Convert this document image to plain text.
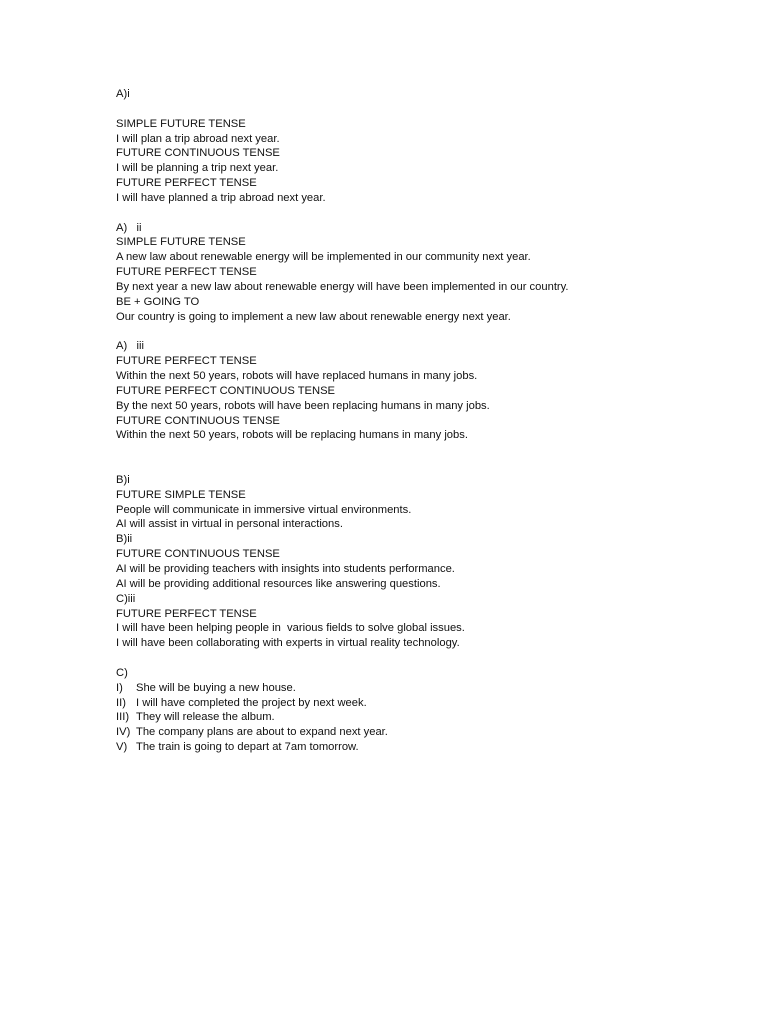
A)i
SIMPLE FUTURE TENSE
I will plan a trip abroad next year.
FUTURE CONTINUOUS TENSE
I will be planning a trip next year.
FUTURE PERFECT TENSE
I will have planned a trip abroad next year.
A)   ii
SIMPLE FUTURE TENSE
A new law about renewable energy will be implemented in our community next year.
FUTURE PERFECT TENSE
By next year a new law about renewable energy will have been implemented in our country.
BE + GOING TO
Our country is going to implement a new law about renewable energy next year.
A)   iii
FUTURE PERFECT TENSE
Within the next 50 years, robots will have replaced humans in many jobs.
FUTURE PERFECT CONTINUOUS TENSE
By the next 50 years, robots will have been replacing humans in many jobs.
FUTURE CONTINUOUS TENSE
Within the next 50 years, robots will be replacing humans in many jobs.
B)i
FUTURE SIMPLE TENSE
People will communicate in immersive virtual environments.
AI will assist in virtual in personal interactions.
B)ii
FUTURE CONTINUOUS TENSE
AI will be providing teachers with insights into students performance.
AI will be providing additional resources like answering questions.
C)iii
FUTURE PERFECT TENSE
I will have been helping people in  various fields to solve global issues.
I will have been collaborating with experts in virtual reality technology.
C)
I)	She will be buying a new house.
II) I will have completed the project by next week.
III) They will release the album.
IV) The company plans are about to expand next year.
V) The train is going to depart at 7am tomorrow.
